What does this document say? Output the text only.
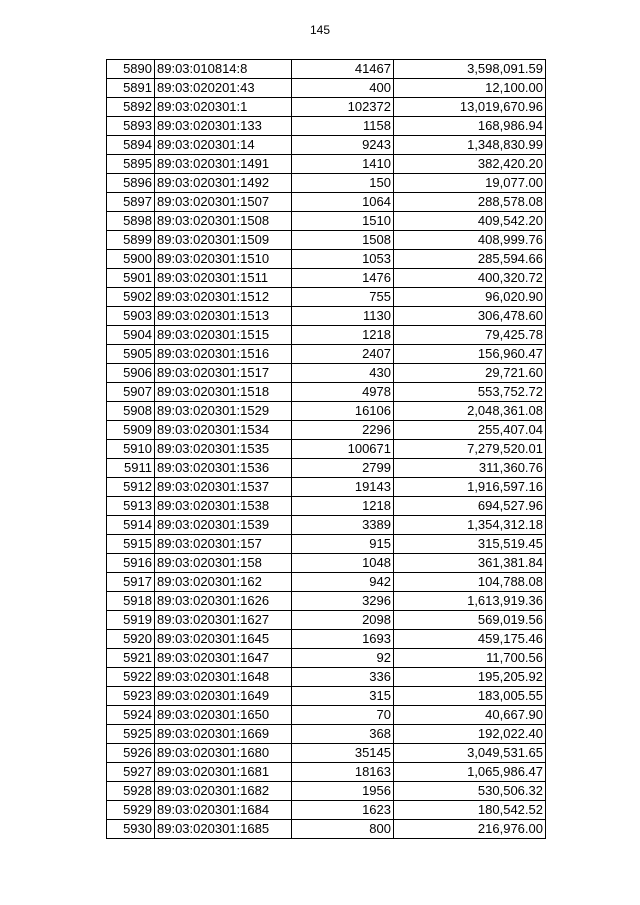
145
5890	89:03:010814:8	41467	3,598,091.59
5891	89:03:020201:43	400	12,100.00
5892	89:03:020301:1	102372	13,019,670.96
5893	89:03:020301:133	1158	168,986.94
5894	89:03:020301:14	9243	1,348,830.99
5895	89:03:020301:1491	1410	382,420.20
5896	89:03:020301:1492	150	19,077.00
5897	89:03:020301:1507	1064	288,578.08
5898	89:03:020301:1508	1510	409,542.20
5899	89:03:020301:1509	1508	408,999.76
5900	89:03:020301:1510	1053	285,594.66
5901	89:03:020301:1511	1476	400,320.72
5902	89:03:020301:1512	755	96,020.90
5903	89:03:020301:1513	1130	306,478.60
5904	89:03:020301:1515	1218	79,425.78
5905	89:03:020301:1516	2407	156,960.47
5906	89:03:020301:1517	430	29,721.60
5907	89:03:020301:1518	4978	553,752.72
5908	89:03:020301:1529	16106	2,048,361.08
5909	89:03:020301:1534	2296	255,407.04
5910	89:03:020301:1535	100671	7,279,520.01
5911	89:03:020301:1536	2799	311,360.76
5912	89:03:020301:1537	19143	1,916,597.16
5913	89:03:020301:1538	1218	694,527.96
5914	89:03:020301:1539	3389	1,354,312.18
5915	89:03:020301:157	915	315,519.45
5916	89:03:020301:158	1048	361,381.84
5917	89:03:020301:162	942	104,788.08
5918	89:03:020301:1626	3296	1,613,919.36
5919	89:03:020301:1627	2098	569,019.56
5920	89:03:020301:1645	1693	459,175.46
5921	89:03:020301:1647	92	11,700.56
5922	89:03:020301:1648	336	195,205.92
5923	89:03:020301:1649	315	183,005.55
5924	89:03:020301:1650	70	40,667.90
5925	89:03:020301:1669	368	192,022.40
5926	89:03:020301:1680	35145	3,049,531.65
5927	89:03:020301:1681	18163	1,065,986.47
5928	89:03:020301:1682	1956	530,506.32
5929	89:03:020301:1684	1623	180,542.52
5930	89:03:020301:1685	800	216,976.00
